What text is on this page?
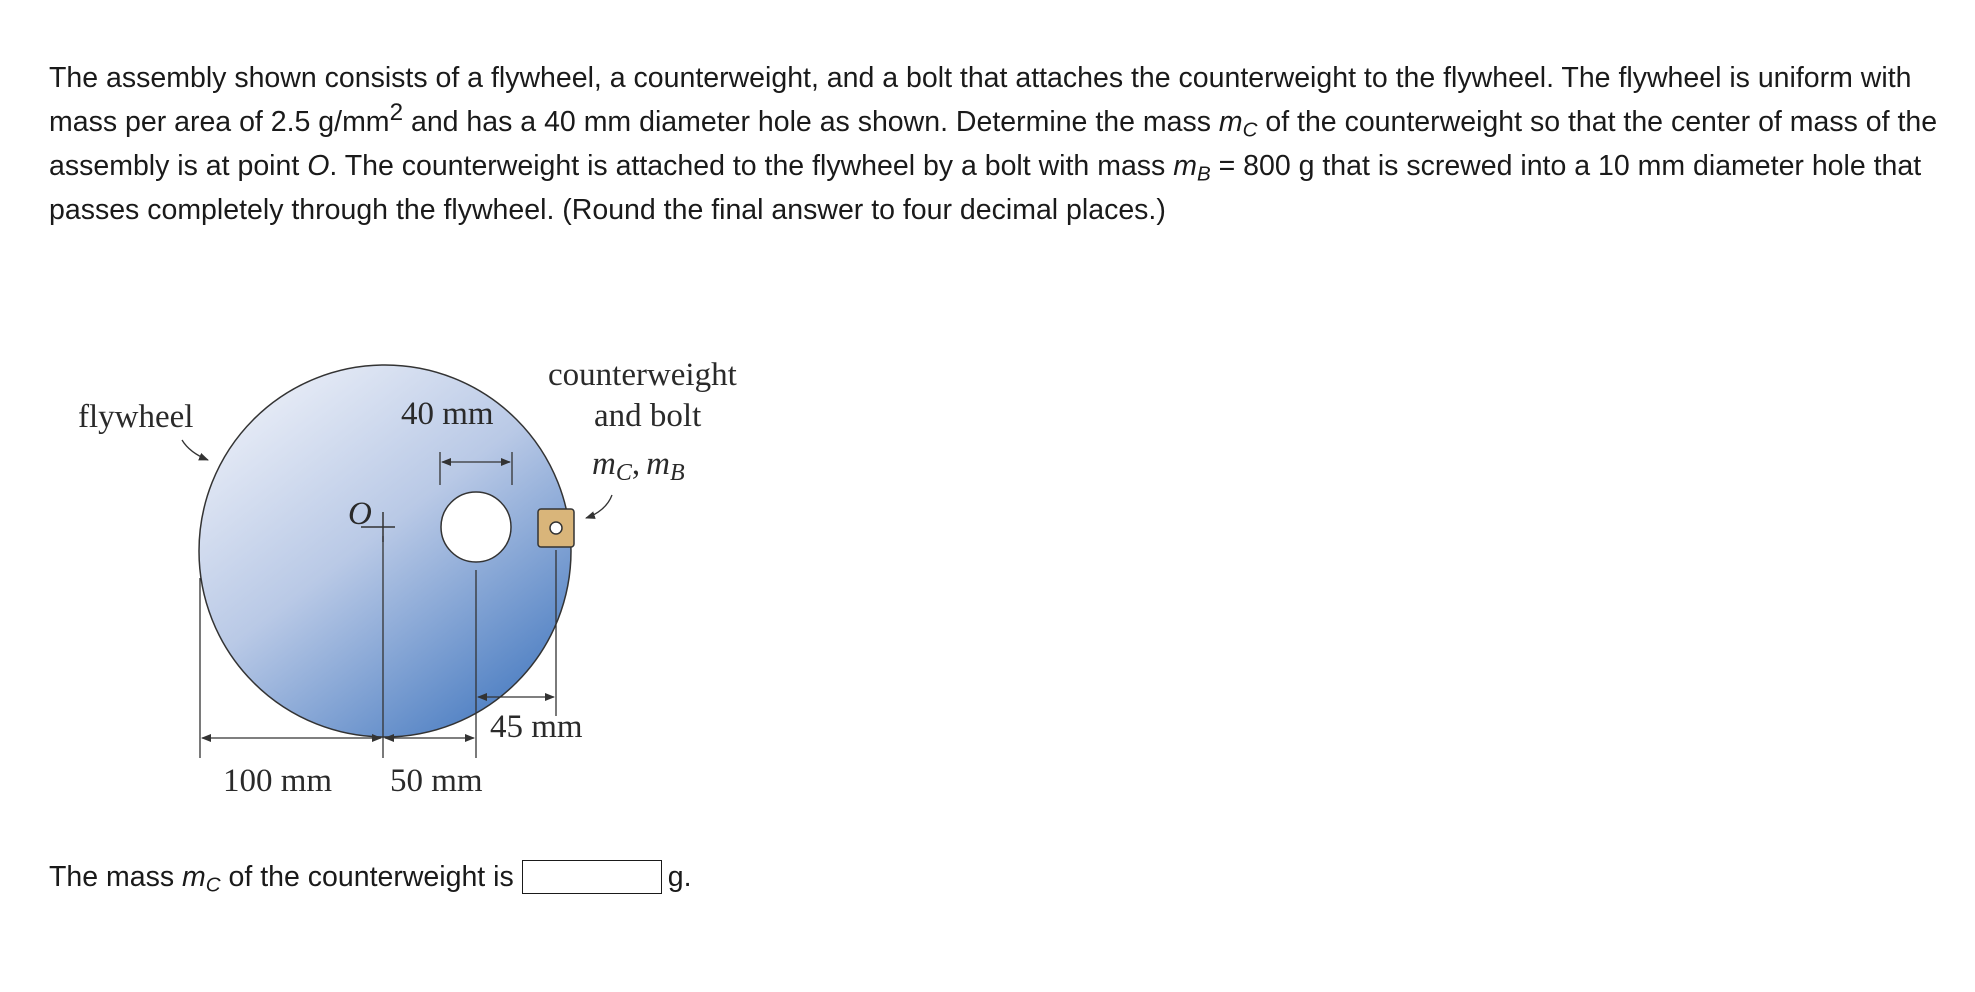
The assembly shown consists of a flywheel, a counterweight, and a bolt that attaches the counterweight to the flywheel. The flywheel is uniform with mass per area of 2.5 $g/mm^2$ and has a 40 mm diameter hole as shown. Determine the mass $m_C$ of the counterweight so that the center of mass of the assembly is at point O. The counterweight is attached to the flywheel by a bolt with mass $m_B = 800$ g that is screwed into a 10 mm diameter hole that passes completely through the flywheel. (Round the final answer to four decimal places.)
O
40 mm
flywheel
counterweight
and bolt
mC, mB
45 mm
100 mm 50 mm
The mass $m_C$ of the counterweight is	g.
